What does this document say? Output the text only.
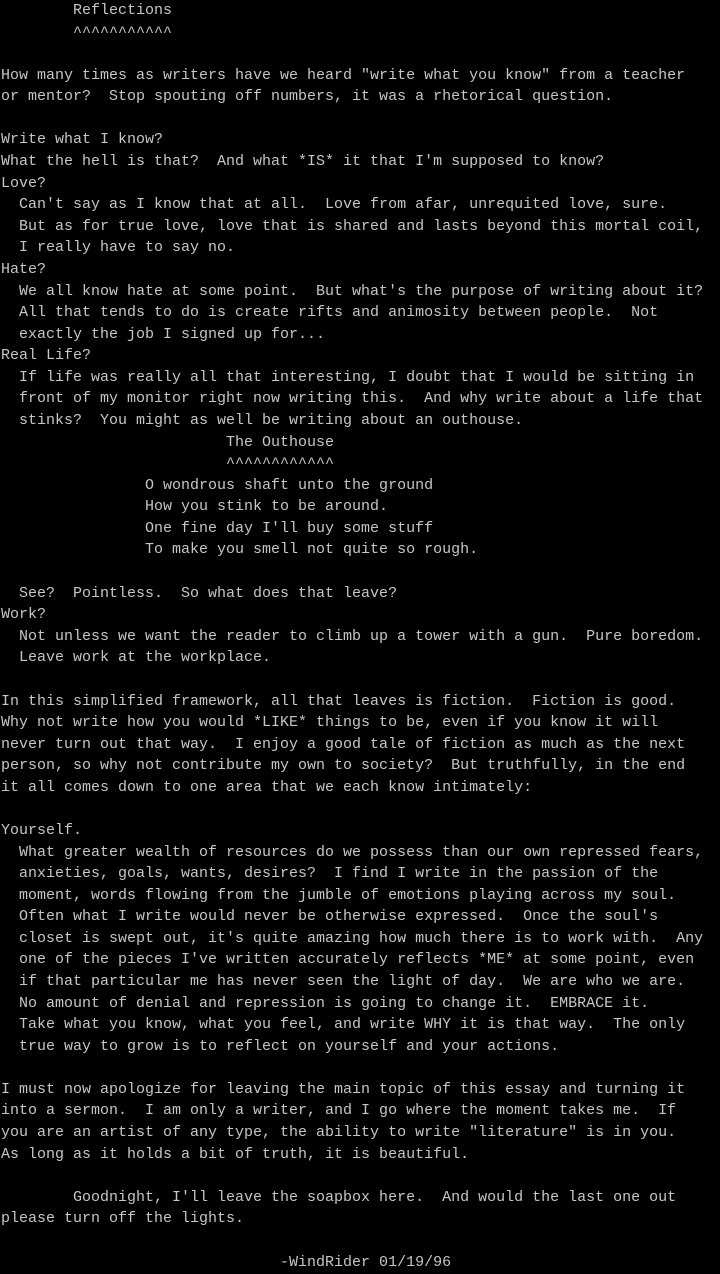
Reflections
^^^^^^^^^^^
How many times as writers have we heard "write what you know" from a teacher
or mentor?  Stop spouting off numbers, it was a rhetorical question.
Write what I know?
What the hell is that?  And what *IS* it that I'm supposed to know?
Love?
Can't say as I know that at all.  Love from afar, unrequited love, sure.
But as for true love, love that is shared and lasts beyond this mortal coil,
I really have to say no.
Hate?
We all know hate at some point.  But what's the purpose of writing about it?
All that tends to do is create rifts and animosity between people.  Not
exactly the job I signed up for...
Real Life?
If life was really all that interesting, I doubt that I would be sitting in
front of my monitor right now writing this.  And why write about a life that
stinks?  You might as well be writing about an outhouse.
The Outhouse
^^^^^^^^^^^^
O wondrous shaft unto the ground
How you stink to be around.
One fine day I'll buy some stuff
To make you smell not quite so rough.
See?  Pointless.  So what does that leave?
Work?
Not unless we want the reader to climb up a tower with a gun.  Pure boredom.
Leave work at the workplace.
In this simplified framework, all that leaves is fiction.  Fiction is good.
Why not write how you would *LIKE* things to be, even if you know it will
never turn out that way.  I enjoy a good tale of fiction as much as the next
person, so why not contribute my own to society?  But truthfully, in the end
it all comes down to one area that we each know intimately:
Yourself.
What greater wealth of resources do we possess than our own repressed fears,
anxieties, goals, wants, desires?  I find I write in the passion of the
moment, words flowing from the jumble of emotions playing across my soul.
Often what I write would never be otherwise expressed.  Once the soul's
closet is swept out, it's quite amazing how much there is to work with.  Any
one of the pieces I've written accurately reflects *ME* at some point, even
if that particular me has never seen the light of day.  We are who we are.
No amount of denial and repression is going to change it.  EMBRACE it.
Take what you know, what you feel, and write WHY it is that way.  The only
true way to grow is to reflect on yourself and your actions.
I must now apologize for leaving the main topic of this essay and turning it
into a sermon.  I am only a writer, and I go where the moment takes me.  If
you are an artist of any type, the ability to write "literature" is in you.
As long as it holds a bit of truth, it is beautiful.
Goodnight, I'll leave the soapbox here.  And would the last one out
please turn off the lights.
-WindRider 01/19/96
